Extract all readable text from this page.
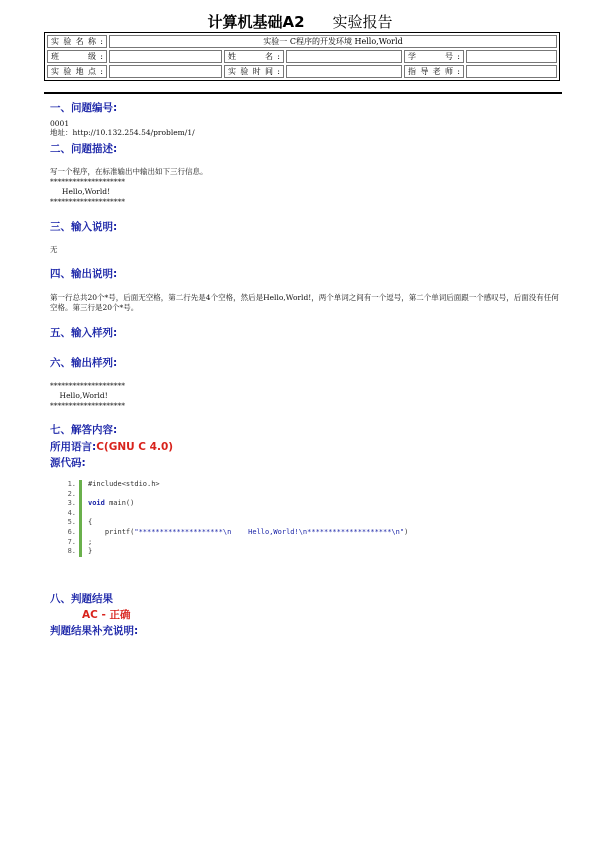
计算机基础A2 实验报告
实验名称:	实验一 C程序的开发环境 Hello,World				
班　　级:		姓　　名:		学　　号:	
实验地点:		实验时间:		指导老师:	
一、问题编号:
0001
地址：http://10.132.254.54/problem/1/
二、问题描述:
写一个程序，在标准输出中输出如下三行信息。
********************
Hello,World!
********************
三、输入说明:
无
四、输出说明:
第一行总共20个*号，后面无空格，第二行先是4个空格，然后是Hello,World!，两个单词之间有一个逗号，第二个单词后面跟一个感叹号，后面没有任何空格。第三行是20个*号。
五、输入样列:
六、输出样列:
********************
Hello,World!
********************
七、解答内容:
所用语言:C(GNU C 4.0)
源代码:
八、判题结果
AC - 正确
判题结果补充说明:
1.	#include<stdio.h>
2.
3.	void main()
4.
5.	{
6.	printf("********************\n    Hello,World!\n********************\n")
7.	;
8.	}
